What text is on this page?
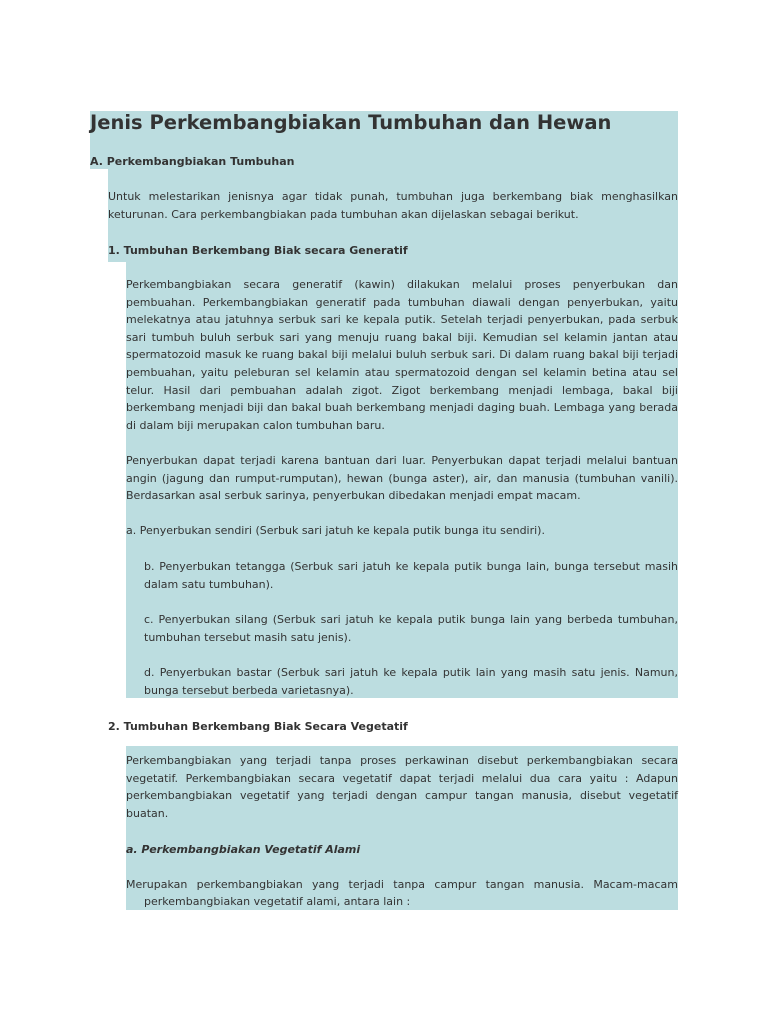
Jenis Perkembangbiakan Tumbuhan dan Hewan
A. Perkembangbiakan Tumbuhan

Untuk melestarikan jenisnya agar tidak punah, tumbuhan juga berkembang biak menghasilkan keturunan. Cara perkembangbiakan pada tumbuhan akan dijelaskan sebagai berikut.

1. Tumbuhan Berkembang Biak secara Generatif

Perkembangbiakan secara generatif (kawin) dilakukan melalui proses penyerbukan dan pembuahan. Perkembangbiakan generatif pada tumbuhan diawali dengan penyerbukan, yaitu melekatnya atau jatuhnya serbuk sari ke kepala putik. Setelah terjadi penyerbukan, pada serbuk sari tumbuh buluh serbuk sari yang menuju ruang bakal biji. Kemudian sel kelamin jantan atau spermatozoid masuk ke ruang bakal biji melalui buluh serbuk sari. Di dalam ruang bakal biji terjadi pembuahan, yaitu peleburan sel kelamin atau spermatozoid dengan sel kelamin betina atau sel telur. Hasil dari pembuahan adalah zigot. Zigot berkembang menjadi lembaga, bakal biji berkembang menjadi biji dan bakal buah berkembang menjadi daging buah. Lembaga yang berada di dalam biji merupakan calon tumbuhan baru.

Penyerbukan dapat terjadi karena bantuan dari luar. Penyerbukan dapat terjadi melalui bantuan angin (jagung dan rumput-rumputan), hewan (bunga aster), air, dan manusia (tumbuhan vanili). Berdasarkan asal serbuk sarinya, penyerbukan dibedakan menjadi empat macam.

a. Penyerbukan sendiri (Serbuk sari jatuh ke kepala putik bunga itu sendiri).

b. Penyerbukan tetangga (Serbuk sari jatuh ke kepala putik bunga lain, bunga tersebut masih dalam satu tumbuhan).

c. Penyerbukan silang (Serbuk sari jatuh ke kepala putik bunga lain yang berbeda tumbuhan, tumbuhan tersebut masih satu jenis).

d. Penyerbukan bastar (Serbuk sari jatuh ke kepala putik lain yang masih satu jenis. Namun, bunga tersebut berbeda varietasnya).

2. Tumbuhan Berkembang Biak Secara Vegetatif

Perkembangbiakan yang terjadi tanpa proses perkawinan disebut perkembangbiakan secara vegetatif. Perkembangbiakan secara vegetatif dapat terjadi melalui dua cara yaitu : Adapun perkembangbiakan vegetatif yang terjadi dengan campur tangan manusia, disebut vegetatif buatan.

a. Perkembangbiakan Vegetatif Alami

Merupakan perkembangbiakan yang terjadi tanpa campur tangan manusia. Macam-macam

perkembangbiakan vegetatif alami, antara lain :
